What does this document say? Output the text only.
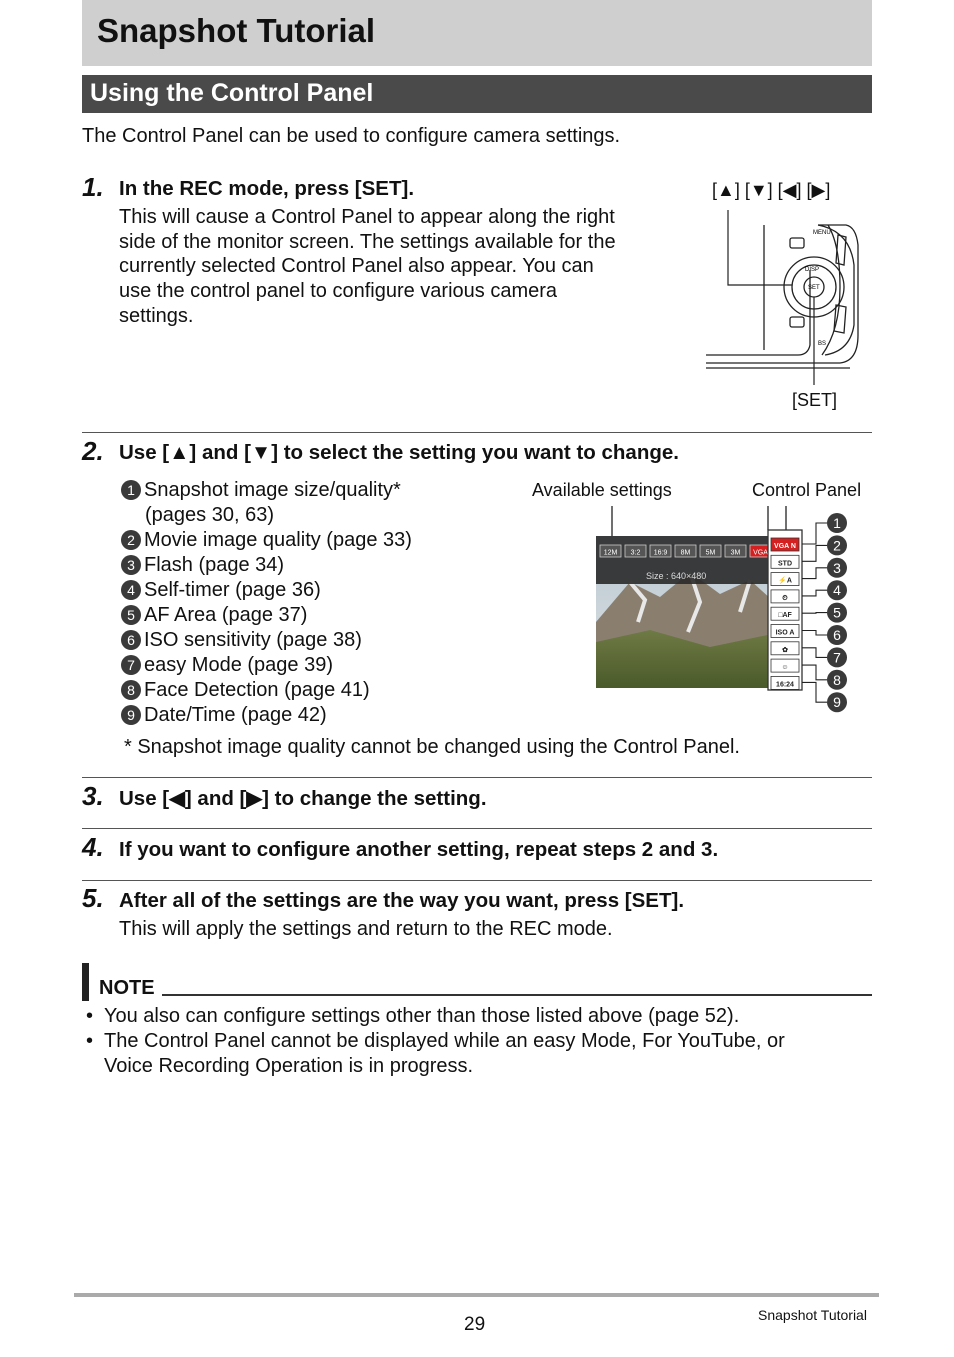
Snapshot Tutorial
Using the Control Panel
The Control Panel can be used to configure camera settings.
1. In the REC mode, press [SET].
This will cause a Control Panel to appear along the right
side of the monitor screen. The settings available for the
currently selected Control Panel also appear. You can
use the control panel to configure various camera
settings.
[▲] [▼] [◀] [▶]
[SET]
MENU
DISP
SET
BS
2. Use [▲] and [▼] to select the setting you want to change.
1 Snapshot image size/quality*
(pages 30, 63)
2 Movie image quality (page 33)
3 Flash (page 34)
4 Self-timer (page 36)
5 AF Area (page 37)
6 ISO sensitivity (page 38)
7 easy Mode (page 39)
8 Face Detection (page 41)
9 Date/Time (page 42)
Available settings	Control Panel
12M 3:2 16:9 8M 5M 3M VGA
Size : 640×480
VGA N
STD
⚡A
⏲
□AF
ISO A
✿
☺
16:24
1
2
3
4
5
6
7
8
9
* Snapshot image quality cannot be changed using the Control Panel.
3. Use [◀] and [▶] to change the setting.
4. If you want to configure another setting, repeat steps 2 and 3.
5. After all of the settings are the way you want, press [SET].
This will apply the settings and return to the REC mode.
NOTE
• You also can configure settings other than those listed above (page 52).
• The Control Panel cannot be displayed while an easy Mode, For YouTube, or
Voice Recording Operation is in progress.
29	Snapshot Tutorial
